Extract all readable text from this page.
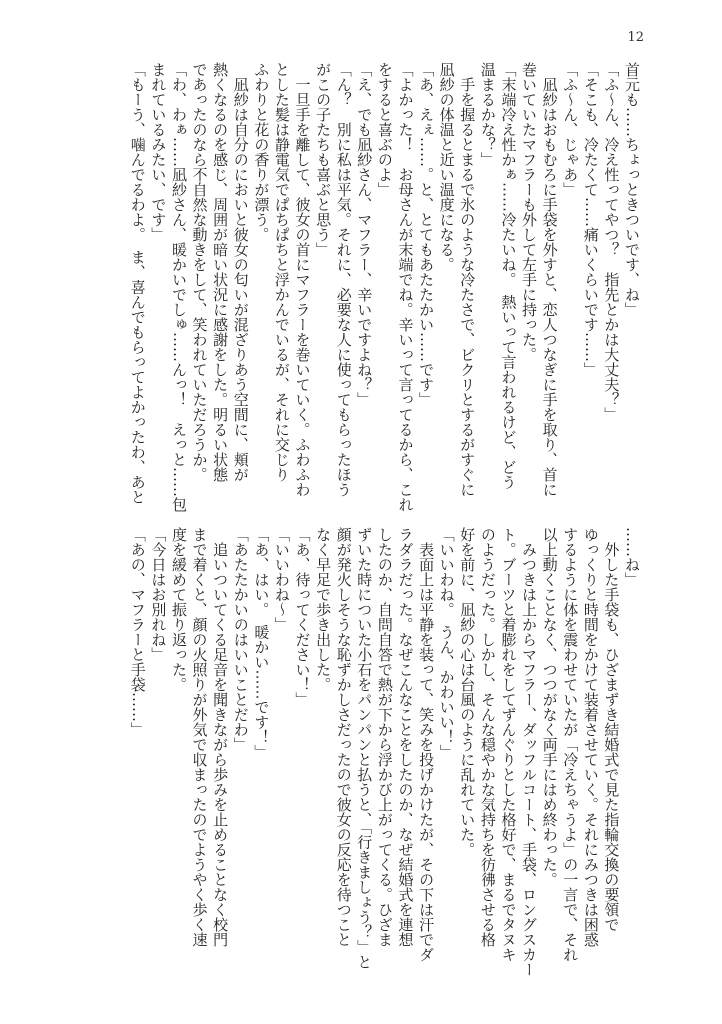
12
首元も……ちょっときついです、ね」
「ふ〜ん、冷え性ってやつ？　指先とかは大丈夫？」
「そこも、冷たくて……痛いくらいです……」
「ふ〜ん、じゃあ」
　凪紗はおもむろに手袋を外すと、恋人つなぎに手を取り、首に
巻いていたマフラーも外して左手に持った。
「末端冷え性かぁ……冷たいね。　熱いって言われるけど、どう
温まるかな？」
　手を握るとまるで氷のような冷たさで、ビクリとするがすぐに
凪紗の体温と近い温度になる。
「あ、えぇ……。と、とてもあたたかい……です」
「よかった！　お母さんが末端でね。辛いって言ってるから、これ
をすると喜ぶのよ」
「え、でも凪紗さん、マフラー、辛いですよね？」
「ん？　別に私は平気。それに、必要な人に使ってもらったほう
がこの子たちも喜ぶと思う」
　一旦手を離して、彼女の首にマフラーを巻いていく。ふわふわ
とした髪は静電気でぱちぱちと浮かんでいるが、それに交じり
ふわりと花の香りが漂う。
　凪紗は自分のにおいと彼女の匂いが混ざりあう空間に、頬が
熱くなるのを感じ、周囲が暗い状況に感謝をした。明るい状態
であったのなら不自然な動きをして、笑われていただろうか。
「わ、わぁ……凪紗さん、暖かいでしゅ……んっ！　えっと……包
まれているみたい、です」
「もーう、噛んでるわよ。　ま、喜んでもらってよかったわ、あと
……ね」
　外した手袋も、ひざまずき結婚式で見た指輪交換の要領で
ゆっくりと時間をかけて装着させていく。それにみつきは困惑
するように体を震わせていたが「冷えちゃうよ」の一言で、それ
以上動くことなく、つつがなく両手にはめ終わった。
　みつきは上からマフラー、ダッフルコート、手袋、ロングスカー
ト。ブーツと着膨れをしてずんぐりとした格好で、まるでタヌキ
のようだった。しかし、そんな穏やかな気持ちを彷彿させる格
好を前に、凪紗の心は台風のように乱れていた。
「いいわね。　うん、かわいい！」
　表面上は平静を装って、笑みを投げかけたが、その下は汗でダ
ラダラだった。なぜこんなことをしたのか、なぜ結婚式を連想
したのか、自問自答で熱が下から浮かび上がってくる。ひざま
ずいた時についた小石をパンパンと払うと、「行きましょう？」と
顔が発火しそうな恥ずかしさだったので彼女の反応を待つこと
なく早足で歩き出した。
「あ、待ってください！」
「いいわね〜」
「あ、はい。　暖かい……です！」
「あたたかいのはいいことだわ」
　追いついてくる足音を聞きながら歩みを止めることなく校門
まで着くと、顔の火照りが外気で収まったのでようやく歩く速
度を緩めて振り返った。
「今日はお別れね」
「あの、マフラーと手袋……」
